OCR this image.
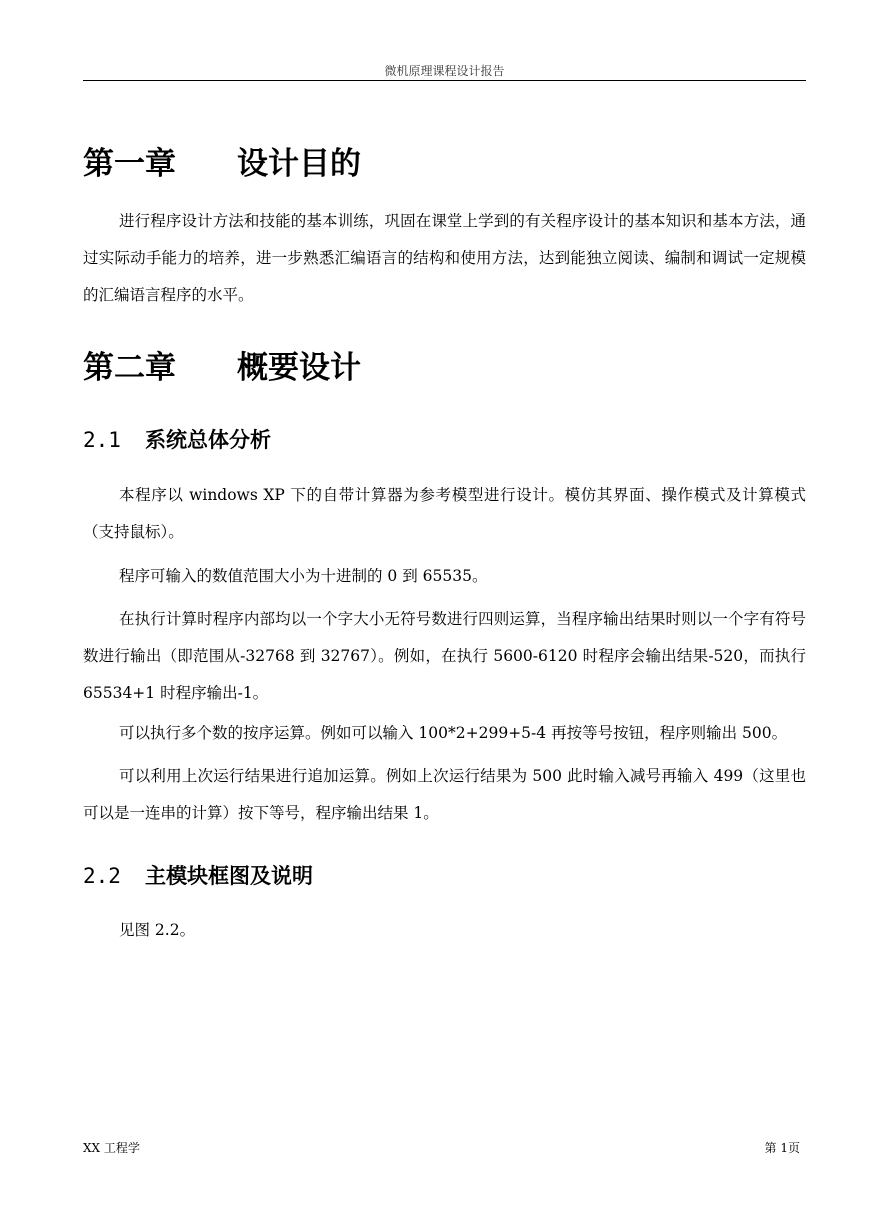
微机原理课程设计报告
第一章 设计目的
进行程序设计方法和技能的基本训练，巩固在课堂上学到的有关程序设计的基本知识和基本方法，通过实际动手能力的培养，进一步熟悉汇编语言的结构和使用方法，达到能独立阅读、编制和调试一定规模的汇编语言程序的水平。
第二章 概要设计
2.1 系统总体分析
本程序以 windows XP 下的自带计算器为参考模型进行设计。模仿其界面、操作模式及计算模式（支持鼠标）。
程序可输入的数值范围大小为十进制的 0 到 65535。
在执行计算时程序内部均以一个字大小无符号数进行四则运算，当程序输出结果时则以一个字有符号数进行输出（即范围从-32768 到 32767）。例如，在执行 5600-6120 时程序会输出结果-520，而执行 65534+1 时程序输出-1。
可以执行多个数的按序运算。例如可以输入 100*2+299+5-4 再按等号按钮，程序则输出 500。
可以利用上次运行结果进行追加运算。例如上次运行结果为 500 此时输入减号再输入 499（这里也可以是一连串的计算）按下等号，程序输出结果 1。
2.2 主模块框图及说明
见图 2.2。
XX 工程学	第 1页
